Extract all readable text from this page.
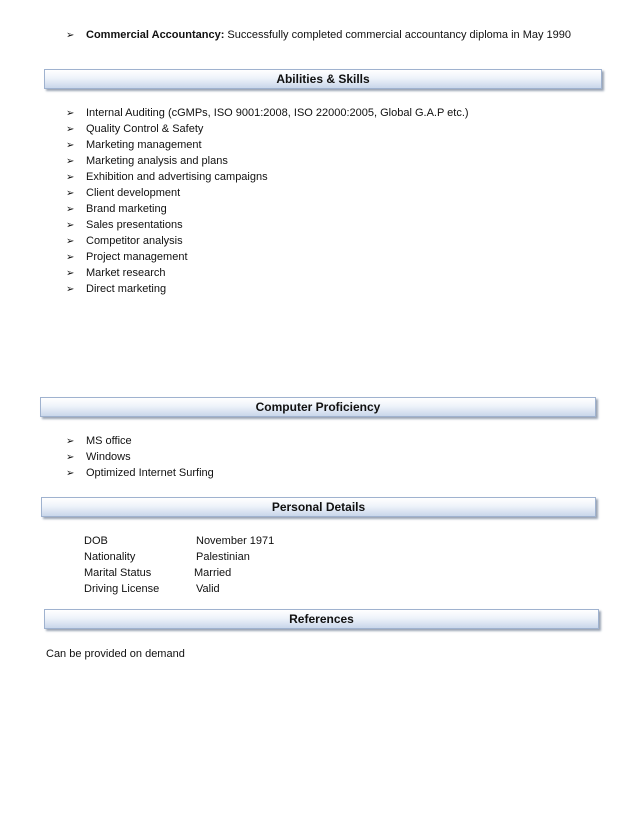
➢ Commercial Accountancy: Successfully completed commercial accountancy diploma in May 1990
Abilities & Skills
➢ Internal Auditing (cGMPs, ISO 9001:2008, ISO 22000:2005, Global G.A.P etc.)
➢ Quality Control & Safety
➢ Marketing management
➢ Marketing analysis and plans
➢ Exhibition and advertising campaigns
➢ Client development
➢ Brand marketing
➢ Sales presentations
➢ Competitor analysis
➢ Project management
➢ Market research
➢ Direct marketing
Computer Proficiency
➢ MS office
➢ Windows
➢ Optimized Internet Surfing
Personal Details
DOB	November 1971
Nationality	Palestinian
Marital Status	Married
Driving License	Valid
References
Can be provided on demand
